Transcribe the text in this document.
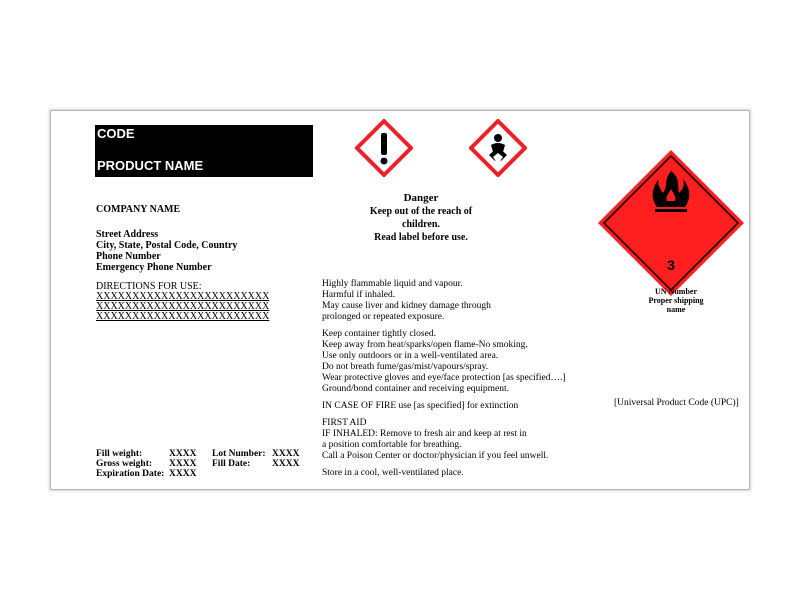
CODE
PRODUCT NAME
COMPANY NAME
Street Address
City, State, Postal Code, Country
Phone Number
Emergency Phone Number
DIRECTIONS FOR USE:
XXXXXXXXXXXXXXXXXXXXXXXX
XXXXXXXXXXXXXXXXXXXXXXXX
XXXXXXXXXXXXXXXXXXXXXXXX
Fill weight:	XXXX	Lot Number: XXXX
Gross weight:	XXXX	Fill Date:	XXXX
Expiration Date: XXXX
Danger
Keep out of the reach of children.
Read label before use.
Highly flammable liquid and vapour.
Harmful if inhaled.
May cause liver and kidney damage through
prolonged or repeated exposure.
Keep container tightly closed.
Keep away from heat/sparks/open flame-No smoking.
Use only outdoors or in a well-ventilated area.
Do not breath fume/gas/mist/vapours/spray.
Wear protective gloves and eye/face protection [as specified….]
Ground/bond container and receiving equipment.
IN CASE OF FIRE use [as specified] for extinction
FIRST AID
IF INHALED: Remove to fresh air and keep at rest in
a position comfortable for breathing.
Call a Poison Center or doctor/physician if you feel unwell.
Store in a cool, well-ventilated place.
3
UN Number
Proper shipping
name
[Universal Product Code (UPC)]
